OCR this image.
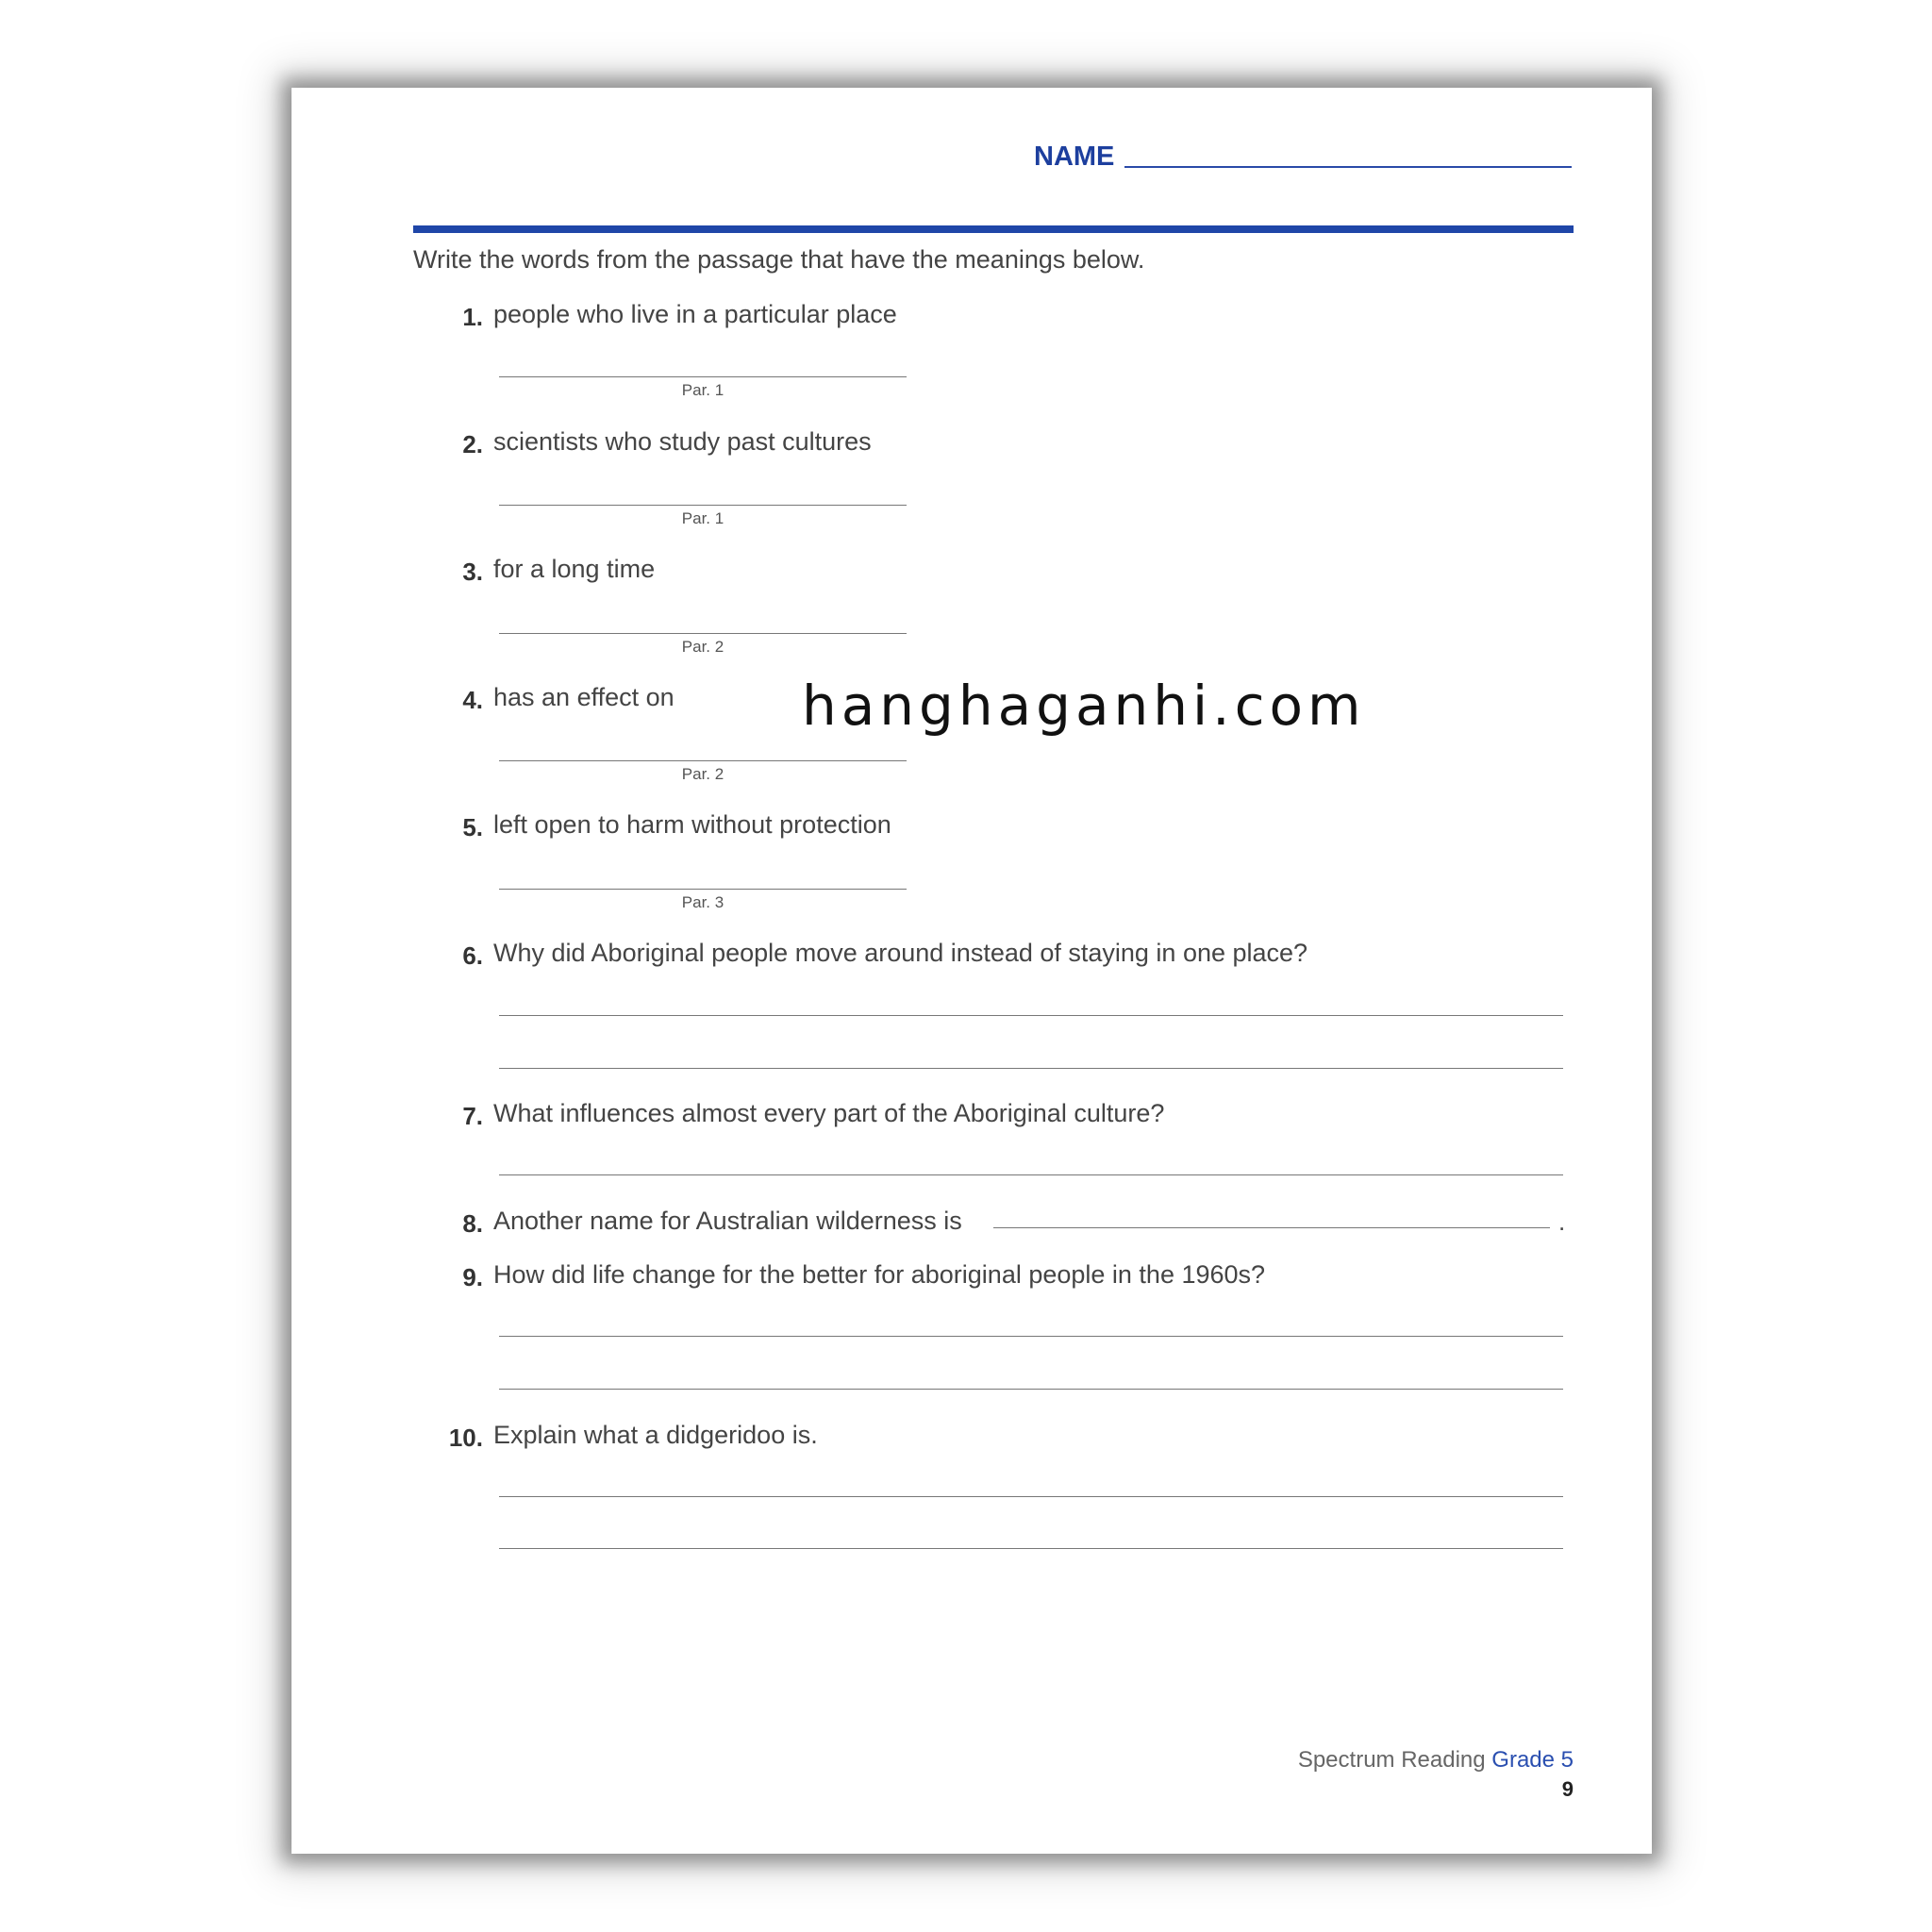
NAME
Write the words from the passage that have the meanings below.
1. people who live in a particular place
Par. 1
2. scientists who study past cultures
Par. 1
3. for a long time
Par. 2
4. has an effect on
Par. 2
5. left open to harm without protection
Par. 3
6. Why did Aboriginal people move around instead of staying in one place?
7. What influences almost every part of the Aboriginal culture?
8. Another name for Australian wilderness is	.
9. How did life change for the better for aboriginal people in the 1960s?
10. Explain what a didgeridoo is.
hanghaganhi.com
Spectrum Reading Grade 5
9
